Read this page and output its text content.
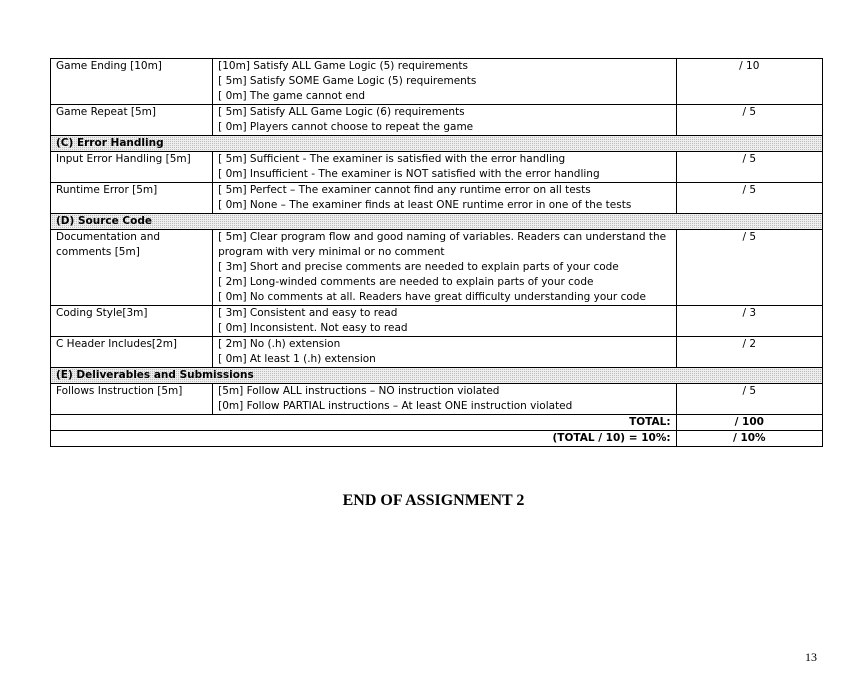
Game Ending [10m]	[10m] Satisfy ALL Game Logic (5) requirements
[ 5m] Satisfy SOME Game Logic (5) requirements
[ 0m] The game cannot end	/ 10
Game Repeat [5m]	[ 5m] Satisfy ALL Game Logic (6) requirements
[ 0m] Players cannot choose to repeat the game	/ 5
(C) Error Handling		
Input Error Handling [5m]	[ 5m] Sufficient - The examiner is satisfied with the error handling
[ 0m] Insufficient - The examiner is NOT satisfied with the error handling	/ 5
Runtime Error [5m]	[ 5m] Perfect – The examiner cannot find any runtime error on all tests
[ 0m] None – The examiner finds at least ONE runtime error in one of the tests	/ 5
(D) Source Code		
Documentation and comments [5m]	[ 5m] Clear program flow and good naming of variables. Readers can understand the
program with very minimal or no comment
[ 3m] Short and precise comments are needed to explain parts of your code
[ 2m] Long-winded comments are needed to explain parts of your code
[ 0m] No comments at all. Readers have great difficulty understanding your code	/ 5
Coding Style[3m]	[ 3m] Consistent and easy to read
[ 0m] Inconsistent. Not easy to read	/ 3
C Header Includes[2m]	[ 2m] No (.h) extension
[ 0m] At least 1 (.h) extension	/ 2
(E) Deliverables and Submissions		
Follows Instruction [5m]	[5m] Follow ALL instructions – NO instruction violated
[0m] Follow PARTIAL instructions – At least ONE instruction violated	/ 5
TOTAL:		/ 100
(TOTAL / 10) = 10%:		/ 10%
END OF ASSIGNMENT 2
13
